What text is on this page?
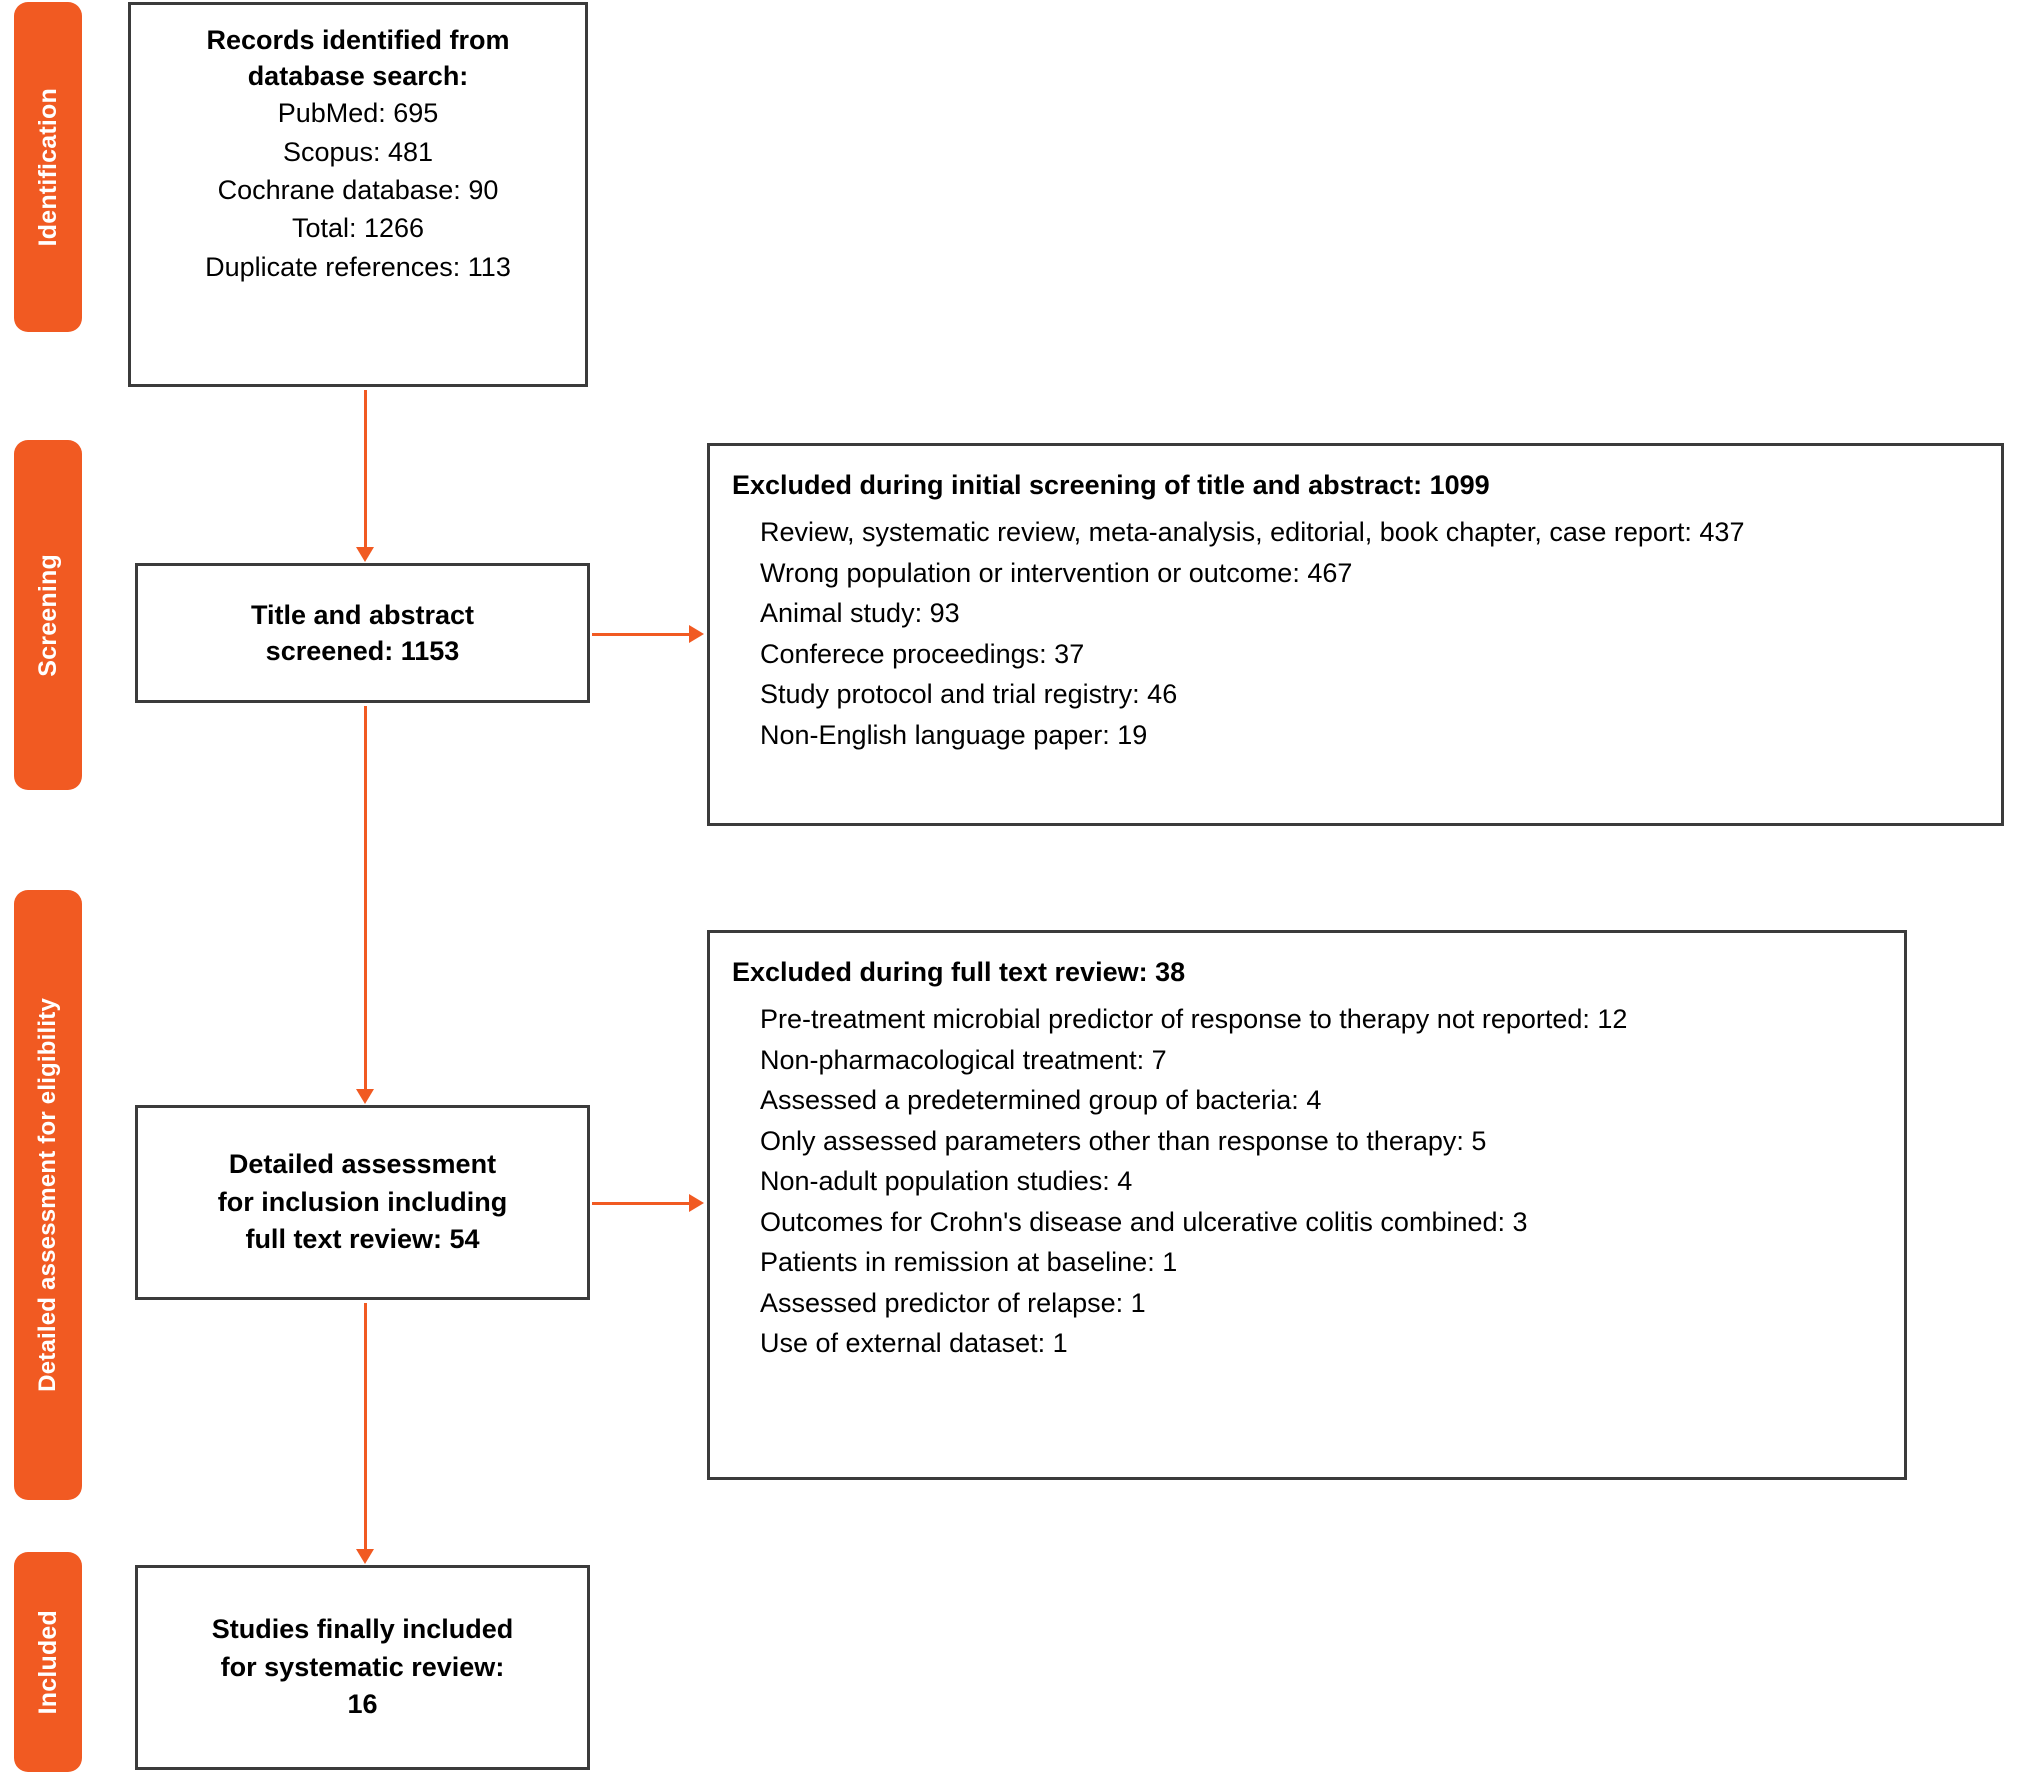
Identification
Screening
Detailed assessment for eligibility
Included
Records identified from
database search:
PubMed: 695
Scopus: 481
Cochrane database: 90
Total: 1266
Duplicate references: 113
Title and abstract
screened: 1153
Detailed assessment
for inclusion including
full text review: 54
Studies finally included
for systematic review:
16
Excluded during initial screening of title and abstract: 1099
Review, systematic review, meta-analysis, editorial, book chapter, case report: 437
Wrong population or intervention or outcome: 467
Animal study: 93
Conferece proceedings: 37
Study protocol and trial registry: 46
Non-English language paper: 19
Excluded during full text review: 38
Pre-treatment microbial predictor of response to therapy not reported: 12
Non-pharmacological treatment: 7
Assessed a predetermined group of bacteria: 4
Only assessed parameters other than response to therapy: 5
Non-adult population studies: 4
Outcomes for Crohn's disease and ulcerative colitis combined: 3
Patients in remission at baseline: 1
Assessed predictor of relapse: 1
Use of external dataset: 1
